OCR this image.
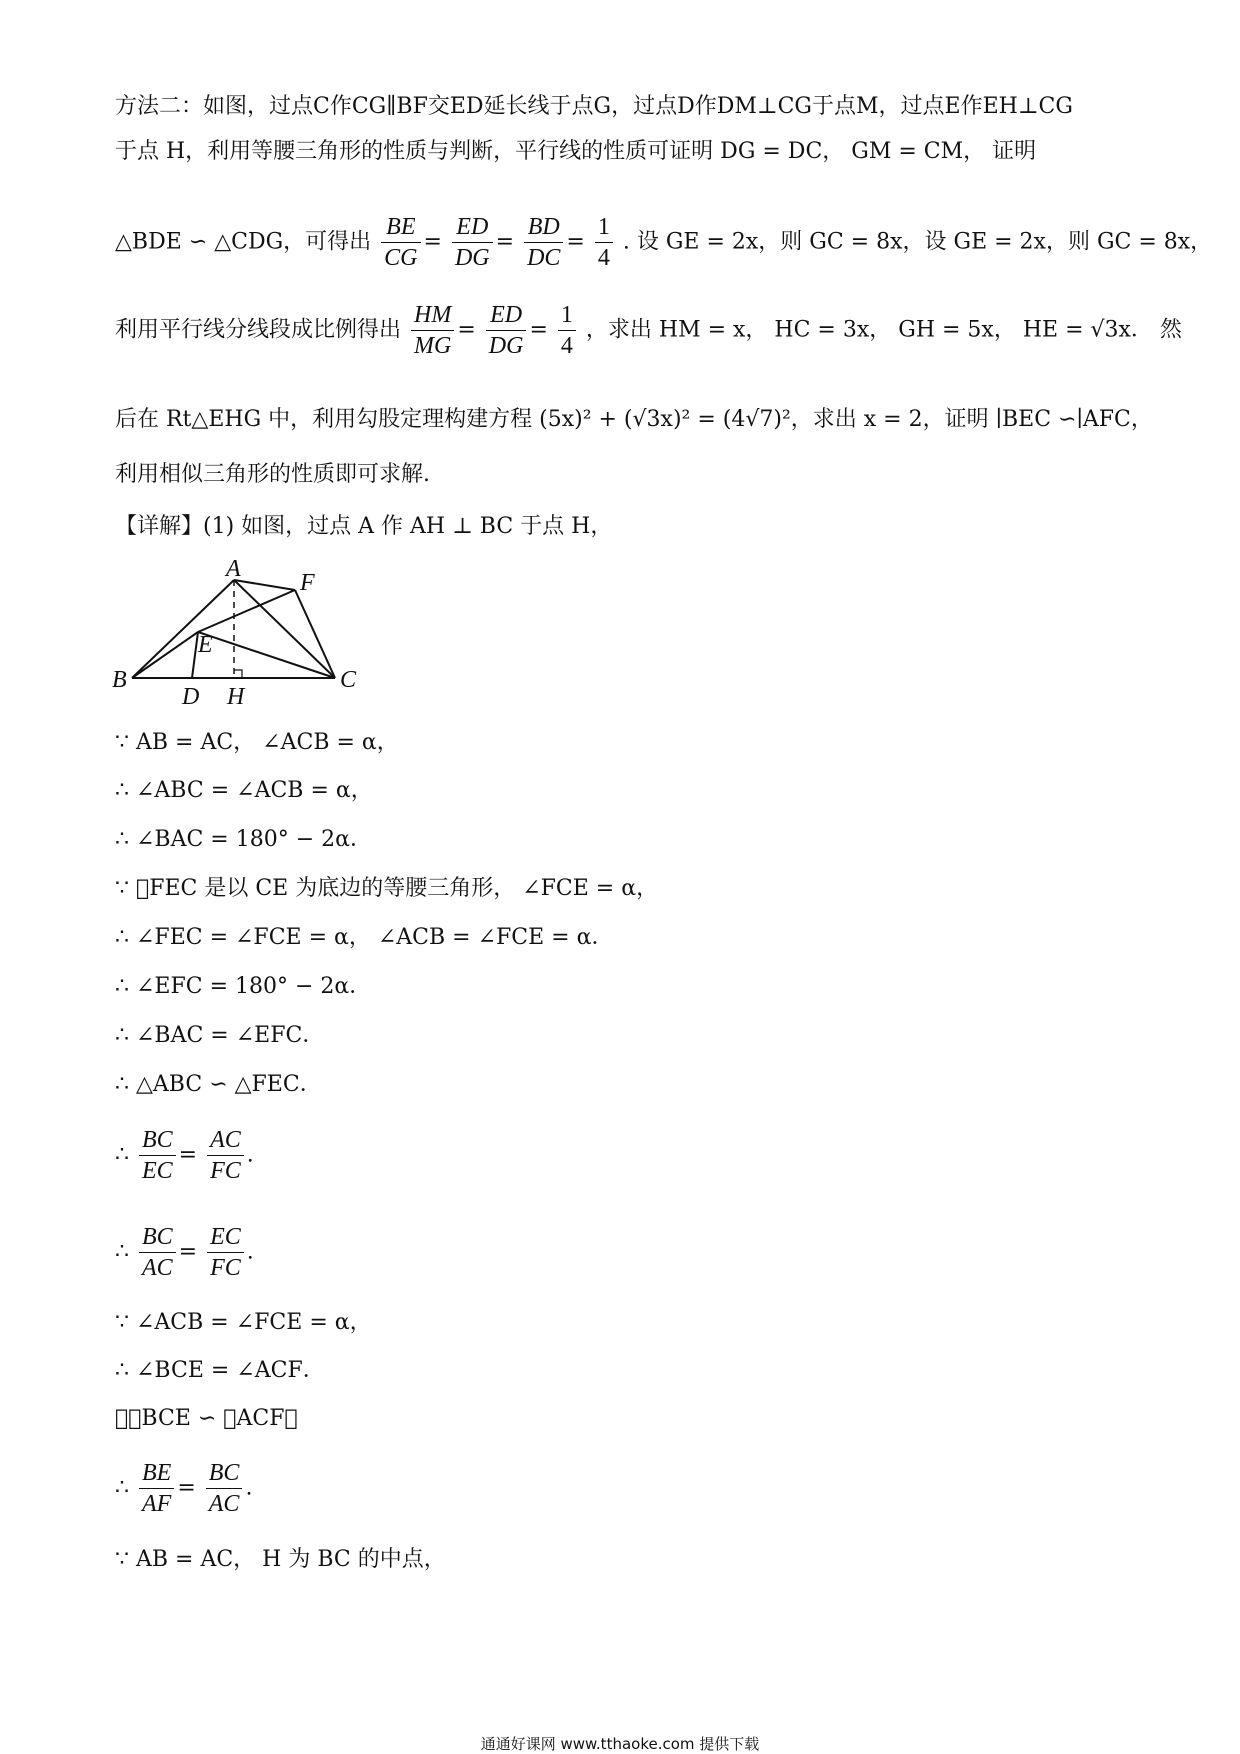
方法二：如图，过点C作CG∥BF交ED延长线于点G，过点D作DM⊥CG于点M，过点E作EH⊥CG
于点 H，利用等腰三角形的性质与判断，平行线的性质可证明 DG = DC， GM = CM， 证明
△BDE ∽ △CDG，可得出 $\frac{BE}{CG} = \frac{ED}{DG} = \frac{BD}{DC} = \frac{1}{4}$ . 设 GE = 2x，则 GC = 8x，设 GE = 2x，则 GC = 8x，
利用平行线分线段成比例得出 $\frac{HM}{MG} = \frac{ED}{DG} = \frac{1}{4}$ ，求出 HM = x， HC = 3x， GH = 5x， HE = √3x． 然
后在 Rt△EHG 中，利用勾股定理构建方程 (5x)² + (√3x)² = (4√7)²，求出 x = 2，证明 ∣BEC ∽∣AFC，
利用相似三角形的性质即可求解.
【详解】(1) 如图，过点 A 作 AH ⊥ BC 于点 H，
A
F
E
B	C
D H
∵ AB = AC， ∠ACB = α，
∴ ∠ABC = ∠ACB = α，
∴ ∠BAC = 180° − 2α．
∵ ⃞FEC 是以 CE 为底边的等腰三角形， ∠FCE = α，
∴ ∠FEC = ∠FCE = α， ∠ACB = ∠FCE = α．
∴ ∠EFC = 180° − 2α．
∴ ∠BAC = ∠EFC．
∴ △ABC ∽ △FEC．
∴ $\frac{BC}{EC} = \frac{AC}{FC}$ .
∴ $\frac{BC}{AC} = \frac{EC}{FC}$ .
∵ ∠ACB = ∠FCE = α，
∴ ∠BCE = ∠ACF．
∴⃞BCE ∽ ⃞ACF．
∴ $\frac{BE}{AF} = \frac{BC}{AC}$ .
∵ AB = AC， H 为 BC 的中点，
通通好课网 www.tthaoke.com 提供下载
